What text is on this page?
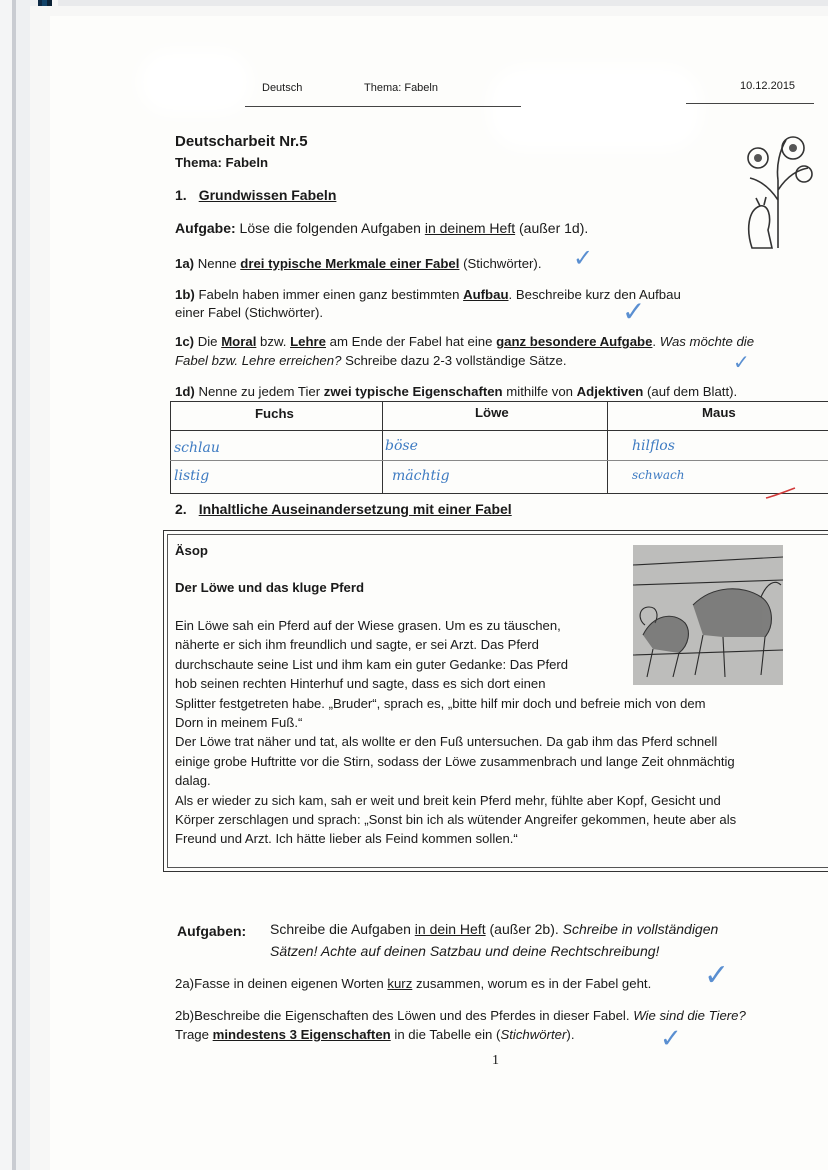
Deutsch	Thema: Fabeln	10.12.2015
Deutscharbeit Nr.5
Thema: Fabeln
1. Grundwissen Fabeln
Aufgabe: Löse die folgenden Aufgaben in deinem Heft (außer 1d).
1a) Nenne drei typische Merkmale einer Fabel (Stichwörter). ✓
1b) Fabeln haben immer einen ganz bestimmten Aufbau. Beschreibe kurz den Aufbau
einer Fabel (Stichwörter).	✓
1c) Die Moral bzw. Lehre am Ende der Fabel hat eine ganz besondere Aufgabe. Was möchte die
Fabel bzw. Lehre erreichen? Schreibe dazu 2-3 vollständige Sätze.	✓
1d) Nenne zu jedem Tier zwei typische Eigenschaften mithilfe von Adjektiven (auf dem Blatt).
Fuchs	Löwe	Maus
schlau	böse	hilflos
listig	mächtig	schwach
2. Inhaltliche Auseinandersetzung mit einer Fabel
Äsop
Der Löwe und das kluge Pferd
Ein Löwe sah ein Pferd auf der Wiese grasen. Um es zu täuschen,
näherte er sich ihm freundlich und sagte, er sei Arzt. Das Pferd
durchschaute seine List und ihm kam ein guter Gedanke: Das Pferd
hob seinen rechten Hinterhuf und sagte, dass es sich dort einen
Splitter festgetreten habe. „Bruder“, sprach es, „bitte hilf mir doch und befreie mich von dem
Dorn in meinem Fuß.“
Der Löwe trat näher und tat, als wollte er den Fuß untersuchen. Da gab ihm das Pferd schnell
einige grobe Huftritte vor die Stirn, sodass der Löwe zusammenbrach und lange Zeit ohnmächtig
dalag.
Als er wieder zu sich kam, sah er weit und breit kein Pferd mehr, fühlte aber Kopf, Gesicht und
Körper zerschlagen und sprach: „Sonst bin ich als wütender Angreifer gekommen, heute aber als
Freund und Arzt. Ich hätte lieber als Feind kommen sollen.“
Aufgaben: Schreibe die Aufgaben in dein Heft (außer 2b). Schreibe in vollständigen
Sätzen! Achte auf deinen Satzbau und deine Rechtschreibung!
2a)Fasse in deinen eigenen Worten kurz zusammen, worum es in der Fabel geht. ✓
2b)Beschreibe die Eigenschaften des Löwen und des Pferdes in dieser Fabel. Wie sind die Tiere?
Trage mindestens 3 Eigenschaften in die Tabelle ein (Stichwörter).	✓
1
